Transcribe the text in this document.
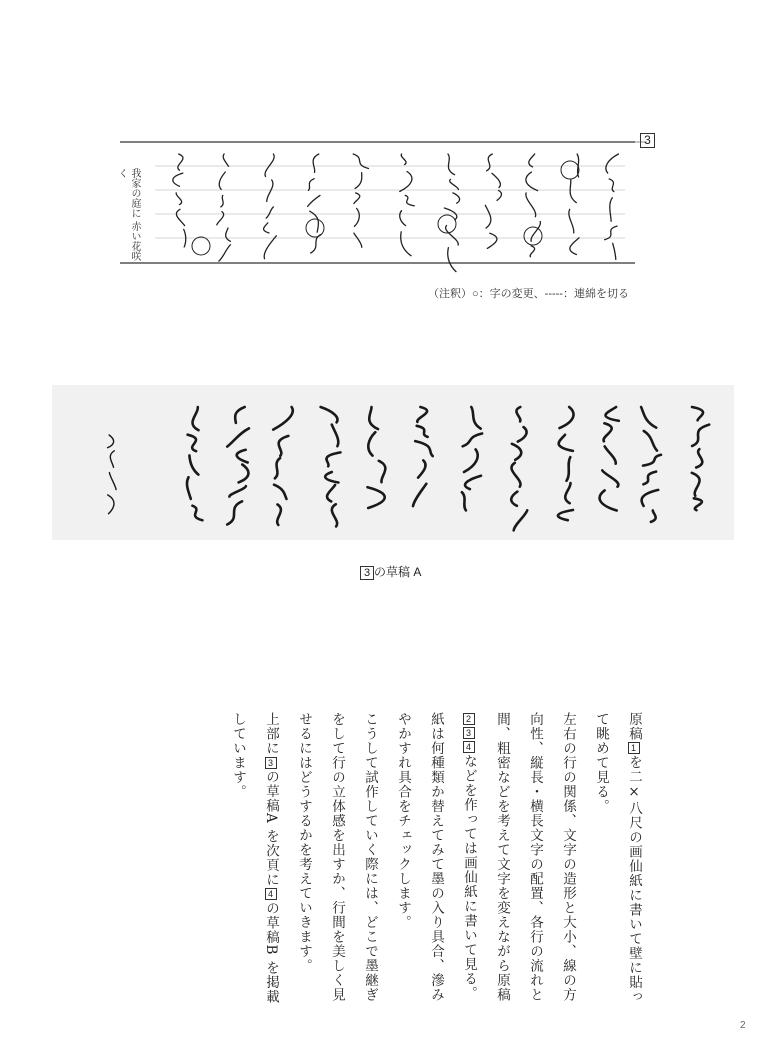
我家の庭に 赤い花咲く
3
（注釈）○：字の変更、-----：連綿を切る
3 の草稿 A

原稿1を二×八尺の画仙紙に書いて壁に貼って眺めて見る。

左右の行の関係、文字の造形と大小、線の方向性、縦長・横長文字の配置、各行の流れと間、粗密などを考えて文字を変えながら原稿234などを作っては画仙紙に書いて見る。

紙は何種類か替えてみて墨の入り具合、滲みやかすれ具合をチェックします。

こうして試作していく際には、どこで墨継ぎをして行の立体感を出すか、行間を美しく見せるにはどうするかを考えていきます。

上部に3の草稿A を次頁に4の草稿B を掲載しています。

2
